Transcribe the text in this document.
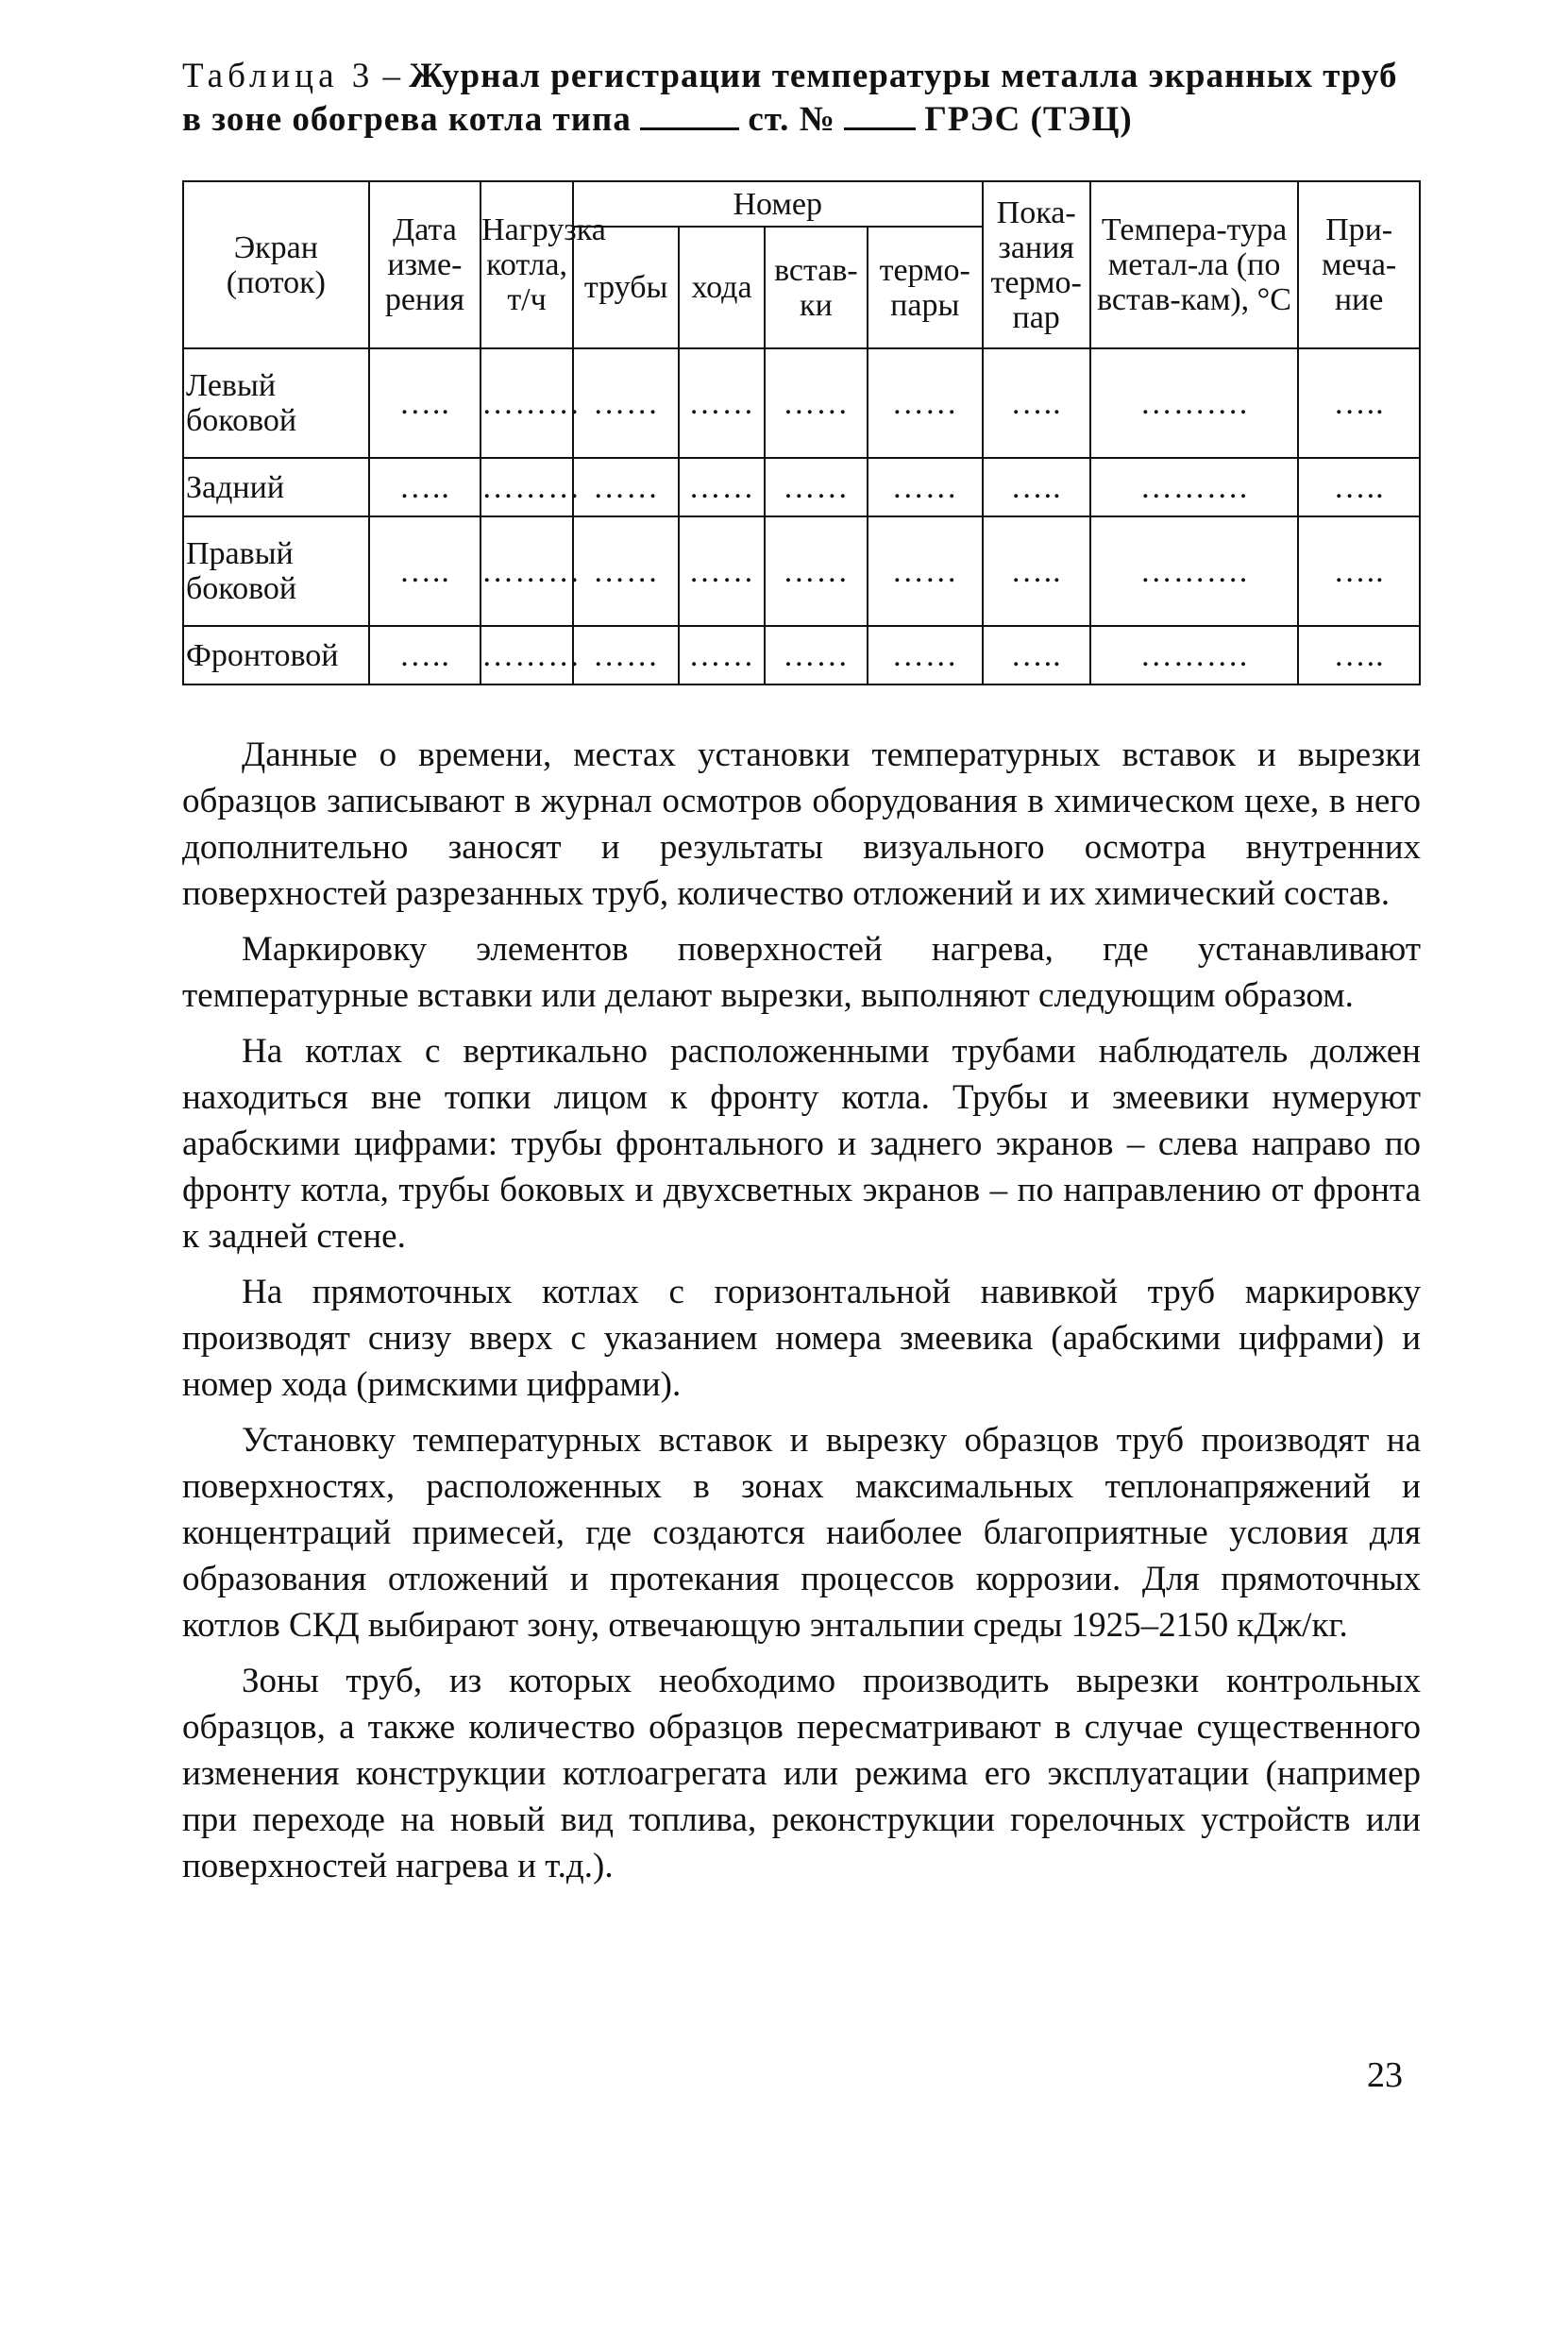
Таблица 3 – Журнал регистрации температуры металла экранных труб в зоне обогрева котла типа	ст. №	ГРЭС (ТЭЦ)
Экран (поток)	Дата изме-рения	Нагрузка котла, т/ч	Номер				Пока-зания термо-пар	Темпера-тура метал-ла (по встав-кам), °С	При-меча-ние
			трубы	хода	встав-ки	термо-пары			
Левый боковой	…..	………	……	……	……	……	…..	……….	…..
Задний	…..	………	……	……	……	……	…..	……….	…..
Правый боковой	…..	………	……	……	……	……	…..	……….	…..
Фронтовой	…..	………	……	……	……	……	…..	……….	…..

Данные о времени, местах установки температурных вставок и вырезки образцов записывают в журнал осмотров оборудования в химическом цехе, в него дополнительно заносят и результаты визуального осмотра внутренних поверхностей разрезанных труб, количество отложений и их химический состав.

Маркировку элементов поверхностей нагрева, где устанавливают температурные вставки или делают вырезки, выполняют следующим образом.

На котлах с вертикально расположенными трубами наблюдатель должен находиться вне топки лицом к фронту котла. Трубы и змеевики нумеруют арабскими цифрами: трубы фронтального и заднего экранов – слева направо по фронту котла, трубы боковых и двухсветных экранов – по направлению от фронта к задней стене.

На прямоточных котлах с горизонтальной навивкой труб маркировку производят снизу вверх с указанием номера змеевика (арабскими цифрами) и номер хода (римскими цифрами).

Установку температурных вставок и вырезку образцов труб производят на поверхностях, расположенных в зонах максимальных теплонапряжений и концентраций примесей, где создаются наиболее благоприятные условия для образования отложений и протекания процессов коррозии. Для прямоточных котлов СКД выбирают зону, отвечающую энтальпии среды 1925–2150 кДж/кг.

Зоны труб, из которых необходимо производить вырезки контрольных образцов, а также количество образцов пересматривают в случае существенного изменения конструкции котлоагрегата или режима его эксплуатации (например при переходе на новый вид топлива, реконструкции горелочных устройств или поверхностей нагрева и т.д.).

23
